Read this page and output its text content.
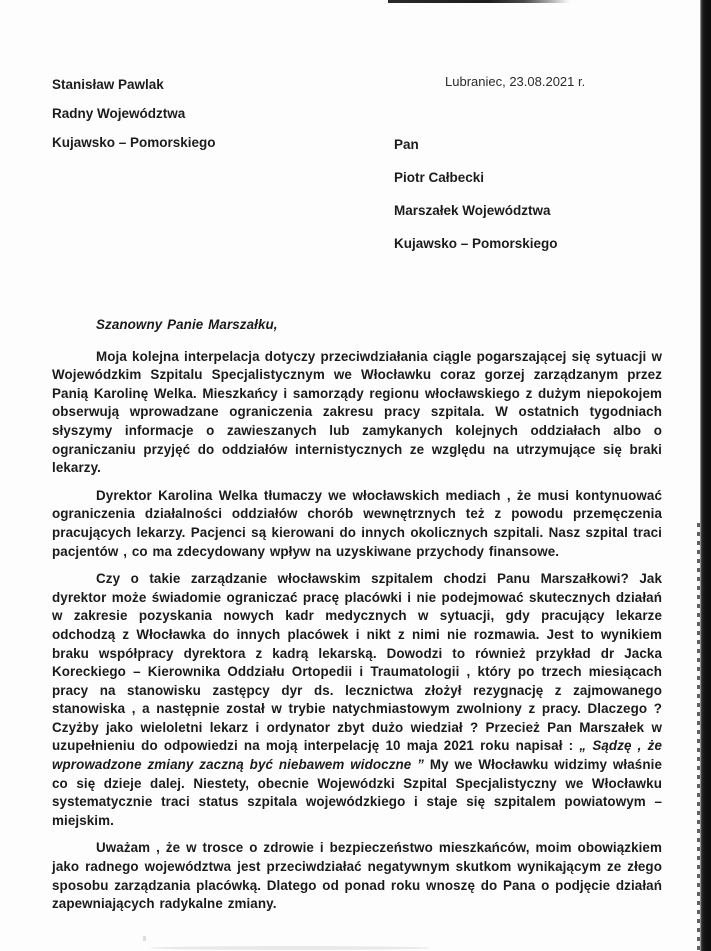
Stanisław Pawlak
Radny Województwa
Kujawsko – Pomorskiego
Lubraniec, 23.08.2021 r.
Pan
Piotr Całbecki
Marszałek Województwa
Kujawsko – Pomorskiego

Szanowny Panie Marszałku,

Moja kolejna interpelacja dotyczy przeciwdziałania ciągle pogarszającej się sytuacji w Wojewódzkim Szpitalu Specjalistycznym we Włocławku coraz gorzej zarządzanym przez Panią Karolinę Welka. Mieszkańcy i samorządy regionu włocławskiego z dużym niepokojem obserwują wprowadzane ograniczenia zakresu pracy szpitala. W ostatnich tygodniach słyszymy informacje o zawieszanych lub zamykanych kolejnych oddziałach albo o ograniczaniu przyjęć do oddziałów internistycznych ze względu na utrzymujące się braki lekarzy.

Dyrektor Karolina Welka tłumaczy we włocławskich mediach , że musi kontynuować ograniczenia działalności oddziałów chorób wewnętrznych też z powodu przemęczenia pracujących lekarzy. Pacjenci są kierowani do innych okolicznych szpitali. Nasz szpital traci pacjentów , co ma zdecydowany wpływ na uzyskiwane przychody finansowe.

Czy o takie zarządzanie włocławskim szpitalem chodzi Panu Marszałkowi? Jak dyrektor może świadomie ograniczać pracę placówki i nie podejmować skutecznych działań w zakresie pozyskania nowych kadr medycznych w sytuacji, gdy pracujący lekarze odchodzą z Włocławka do innych placówek i nikt z nimi nie rozmawia. Jest to wynikiem braku współpracy dyrektora z kadrą lekarską. Dowodzi to również przykład dr Jacka Koreckiego – Kierownika Oddziału Ortopedii i Traumatologii , który po trzech miesiącach pracy na stanowisku zastępcy dyr ds. lecznictwa złożył rezygnację z zajmowanego stanowiska , a następnie został w trybie natychmiastowym zwolniony z pracy. Dlaczego ? Czyżby jako wieloletni lekarz i ordynator zbyt dużo wiedział ? Przecież Pan Marszałek w uzupełnieniu do odpowiedzi na moją interpelację 10 maja 2021 roku napisał : „ Sądzę , że wprowadzone zmiany zaczną być niebawem widoczne ” My we Włocławku widzimy właśnie co się dzieje dalej. Niestety, obecnie Wojewódzki Szpital Specjalistyczny we Włocławku systematycznie traci status szpitala wojewódzkiego i staje się szpitalem powiatowym – miejskim.

Uważam , że w trosce o zdrowie i bezpieczeństwo mieszkańców, moim obowiązkiem jako radnego województwa jest przeciwdziałać negatywnym skutkom wynikającym ze złego sposobu zarządzania placówką. Dlatego od ponad roku wnoszę do Pana o podjęcie działań zapewniających radykalne zmiany.
